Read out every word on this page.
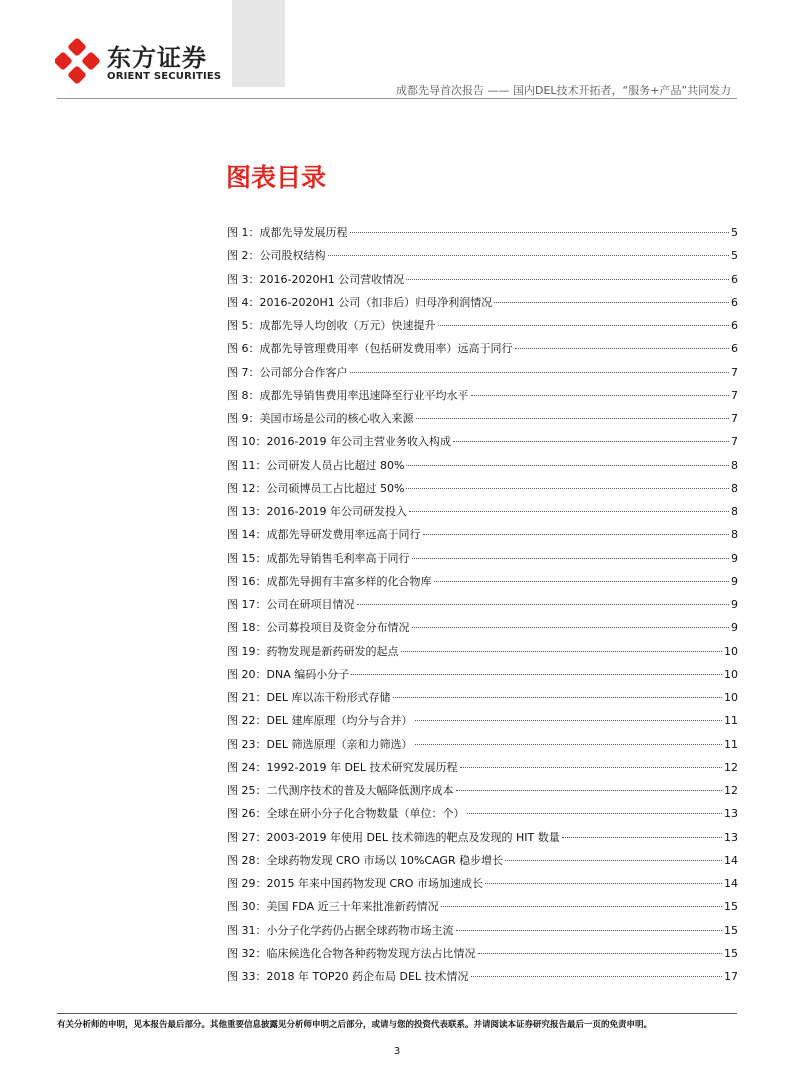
东方证券
ORIENT SECURITIES
成都先导首次报告 —— 国内DEL技术开拓者，“服务+产品”共同发力
图表目录
图 1：成都先导发展历程	5
图 2：公司股权结构	5
图 3：2016-2020H1 公司营收情况	6
图 4：2016-2020H1 公司（扣非后）归母净利润情况	6
图 5：成都先导人均创收（万元）快速提升	6
图 6：成都先导管理费用率（包括研发费用率）远高于同行	6
图 7：公司部分合作客户	7
图 8：成都先导销售费用率迅速降至行业平均水平	7
图 9：美国市场是公司的核心收入来源	7
图 10：2016-2019 年公司主营业务收入构成	7
图 11：公司研发人员占比超过 80%	8
图 12：公司硕博员工占比超过 50%	8
图 13：2016-2019 年公司研发投入	8
图 14：成都先导研发费用率远高于同行	8
图 15：成都先导销售毛利率高于同行	9
图 16：成都先导拥有丰富多样的化合物库	9
图 17：公司在研项目情况	9
图 18：公司募投项目及资金分布情况	9
图 19：药物发现是新药研发的起点	10
图 20：DNA 编码小分子	10
图 21：DEL 库以冻干粉形式存储	10
图 22：DEL 建库原理（均分与合并）	11
图 23：DEL 筛选原理（亲和力筛选）	11
图 24：1992-2019 年 DEL 技术研究发展历程	12
图 25：二代测序技术的普及大幅降低测序成本	12
图 26：全球在研小分子化合物数量（单位：个）	13
图 27：2003-2019 年使用 DEL 技术筛选的靶点及发现的 HIT 数量	13
图 28：全球药物发现 CRO 市场以 10%CAGR 稳步增长	14
图 29：2015 年来中国药物发现 CRO 市场加速成长	14
图 30：美国 FDA 近三十年来批准新药情况	15
图 31：小分子化学药仍占据全球药物市场主流	15
图 32：临床候选化合物各种药物发现方法占比情况	15
图 33：2018 年 TOP20 药企布局 DEL 技术情况	17
有关分析师的申明，见本报告最后部分。其他重要信息披露见分析师申明之后部分，或请与您的投资代表联系。并请阅读本证券研究报告最后一页的免责申明。
3
